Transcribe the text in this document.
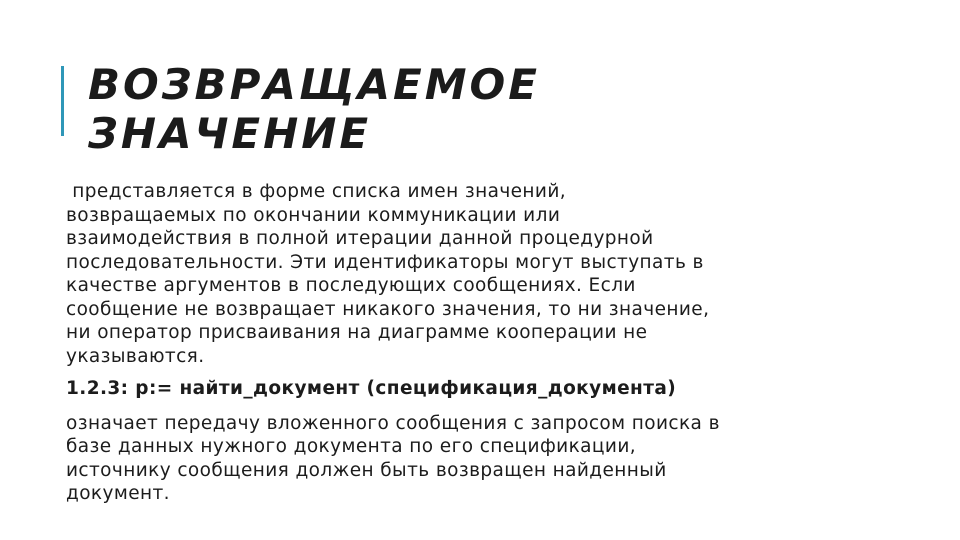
ВОЗВРАЩАЕМОЕ
ЗНАЧЕНИЕ

представляется в форме списка имен значений,
возвращаемых по окончании коммуникации или
взаимодействия в полной итерации данной процедурной
последовательности. Эти идентификаторы могут выступать в
качестве аргументов в последующих сообщениях. Если
сообщение не возвращает никакого значения, то ни значение,
ни оператор присваивания на диаграмме кооперации не
указываются.

1.2.3: р:= найти_документ (спецификация_документа)

означает передачу вложенного сообщения с запросом поиска в
базе данных нужного документа по его спецификации,
источнику сообщения должен быть возвращен найденный
документ.
